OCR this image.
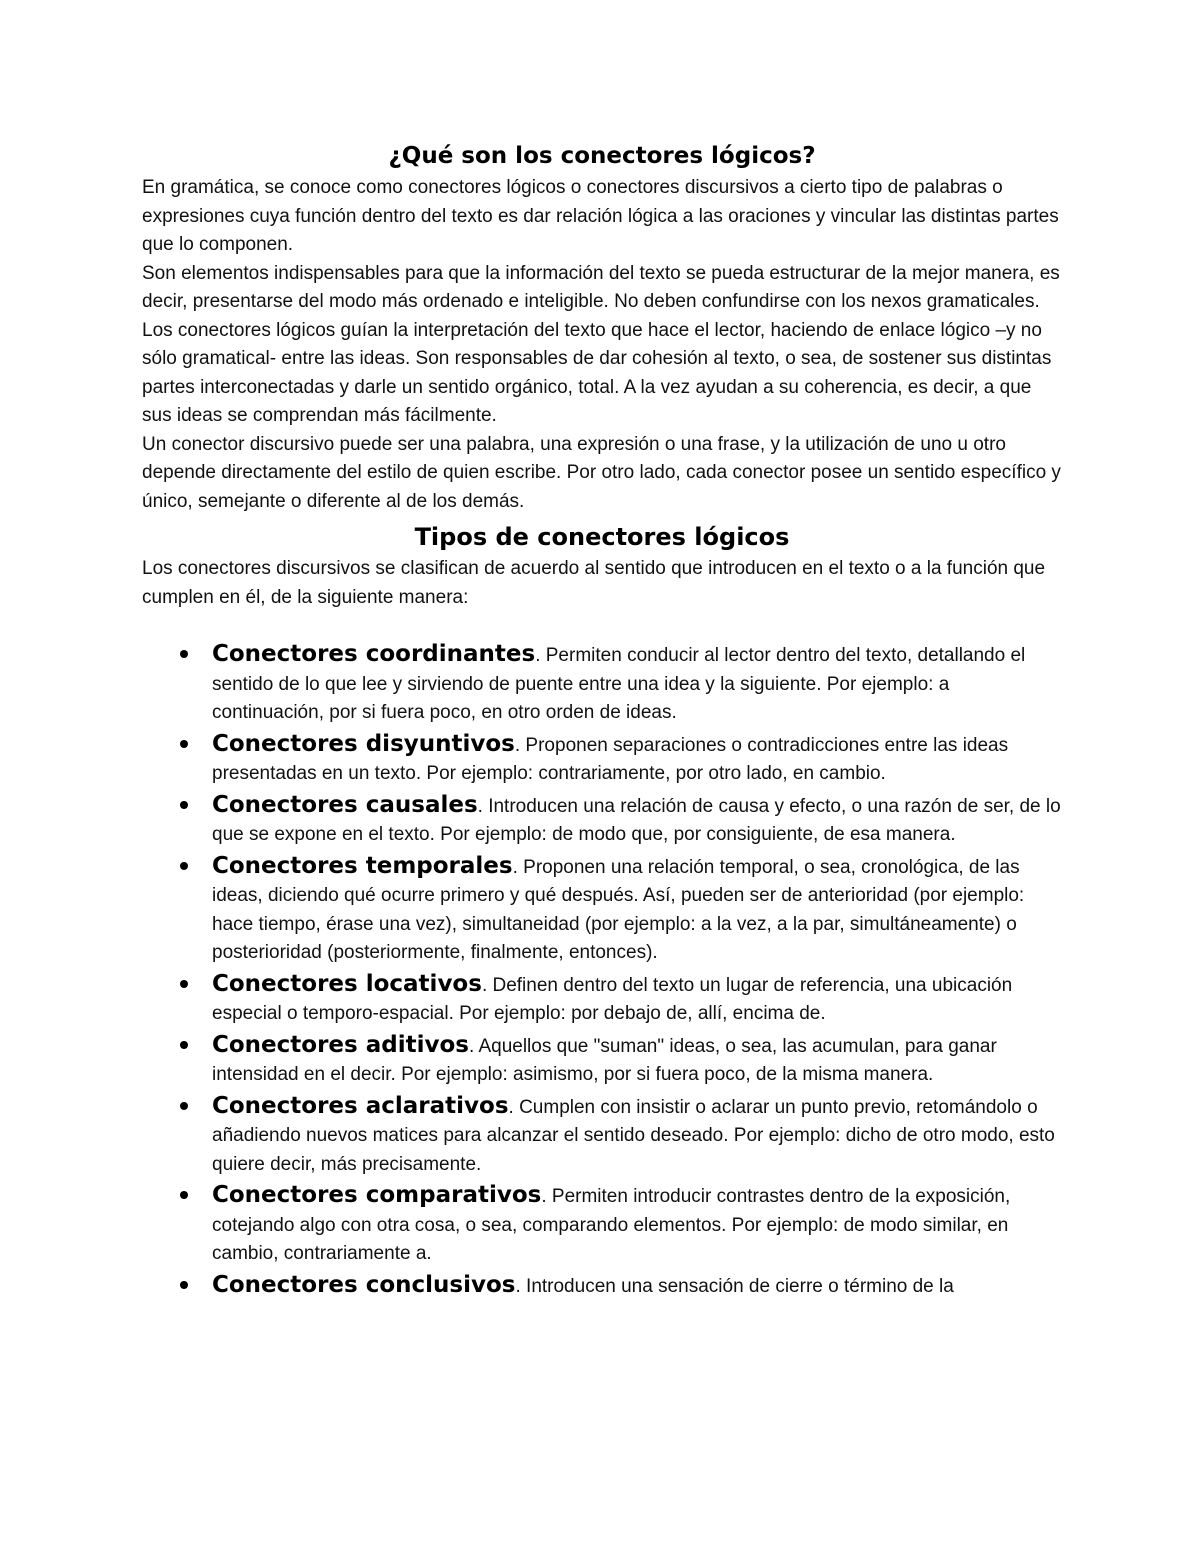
¿Qué son los conectores lógicos?

En gramática, se conoce como conectores lógicos o conectores discursivos a cierto tipo de palabras o expresiones cuya función dentro del texto es dar relación lógica a las oraciones y vincular las distintas partes que lo componen.

Son elementos indispensables para que la información del texto se pueda estructurar de la mejor manera, es decir, presentarse del modo más ordenado e inteligible. No deben confundirse con los nexos gramaticales.

Los conectores lógicos guían la interpretación del texto que hace el lector, haciendo de enlace lógico –y no sólo gramatical- entre las ideas. Son responsables de dar cohesión al texto, o sea, de sostener sus distintas partes interconectadas y darle un sentido orgánico, total. A la vez ayudan a su coherencia, es decir, a que sus ideas se comprendan más fácilmente.

Un conector discursivo puede ser una palabra, una expresión o una frase, y la utilización de uno u otro depende directamente del estilo de quien escribe. Por otro lado, cada conector posee un sentido específico y único, semejante o diferente al de los demás.

Tipos de conectores lógicos

Los conectores discursivos se clasifican de acuerdo al sentido que introducen en el texto o a la función que cumplen en él, de la siguiente manera:

Conectores coordinantes. Permiten conducir al lector dentro del texto, detallando el sentido de lo que lee y sirviendo de puente entre una idea y la siguiente. Por ejemplo: a continuación, por si fuera poco, en otro orden de ideas.
Conectores disyuntivos. Proponen separaciones o contradicciones entre las ideas presentadas en un texto. Por ejemplo: contrariamente, por otro lado, en cambio.
Conectores causales. Introducen una relación de causa y efecto, o una razón de ser, de lo que se expone en el texto. Por ejemplo: de modo que, por consiguiente, de esa manera.
Conectores temporales. Proponen una relación temporal, o sea, cronológica, de las ideas, diciendo qué ocurre primero y qué después. Así, pueden ser de anterioridad (por ejemplo: hace tiempo, érase una vez), simultaneidad (por ejemplo: a la vez, a la par, simultáneamente) o posterioridad (posteriormente, finalmente, entonces).
Conectores locativos. Definen dentro del texto un lugar de referencia, una ubicación especial o temporo-espacial. Por ejemplo: por debajo de, allí, encima de.
Conectores aditivos. Aquellos que "suman" ideas, o sea, las acumulan, para ganar intensidad en el decir. Por ejemplo: asimismo, por si fuera poco, de la misma manera.
Conectores aclarativos. Cumplen con insistir o aclarar un punto previo, retomándolo o añadiendo nuevos matices para alcanzar el sentido deseado. Por ejemplo: dicho de otro modo, esto quiere decir, más precisamente.
Conectores comparativos. Permiten introducir contrastes dentro de la exposición, cotejando algo con otra cosa, o sea, comparando elementos. Por ejemplo: de modo similar, en cambio, contrariamente a.
Conectores conclusivos. Introducen una sensación de cierre o término de la
